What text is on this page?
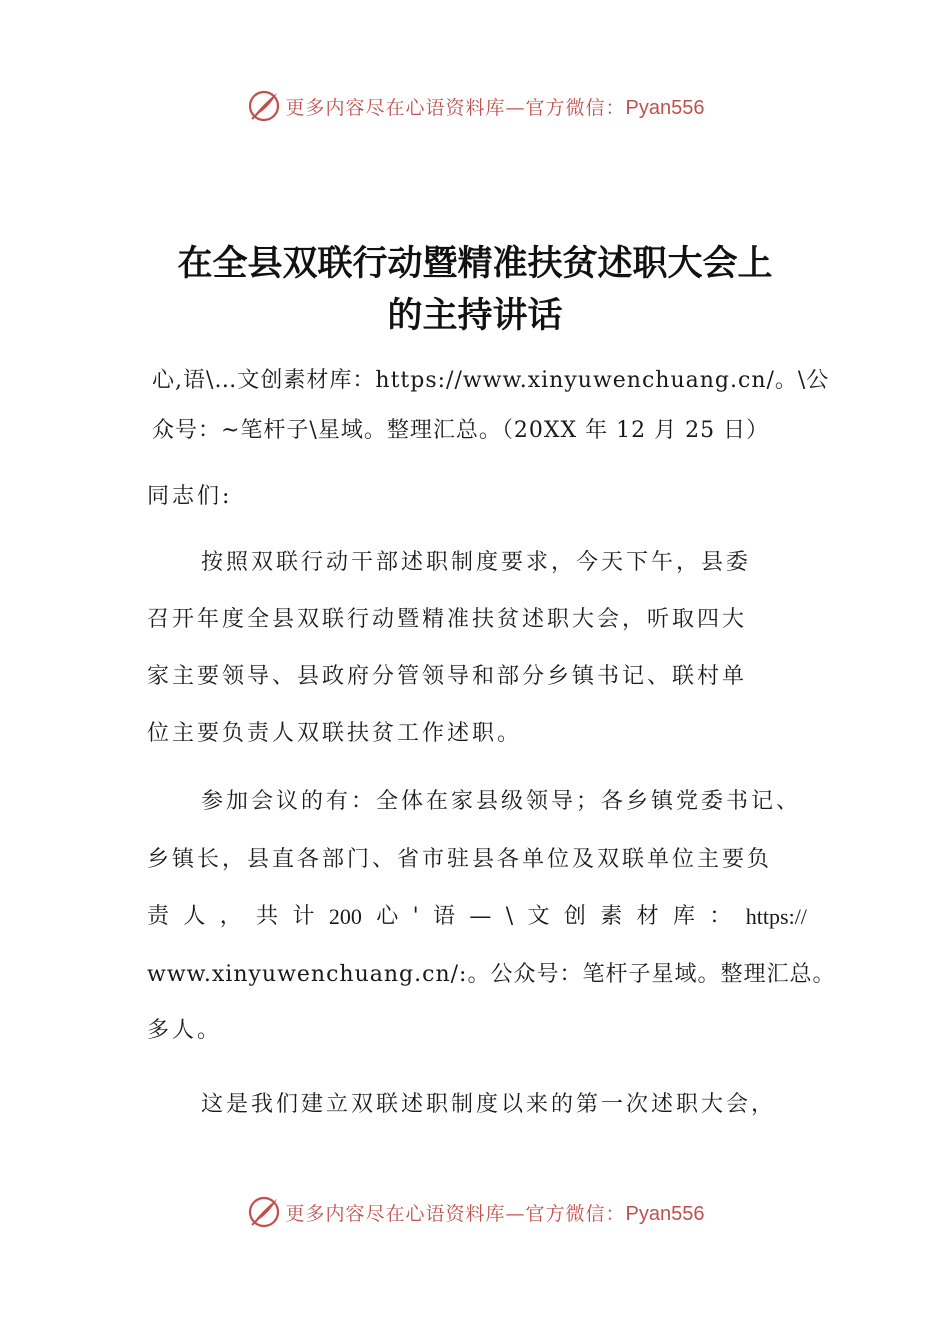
更多内容尽在心语资料库—官方微信：Pyan556
在全县双联行动暨精准扶贫述职大会上
的主持讲话
心,语\…文创素材库：https://www.xinyuwenchuang.cn/。\公
众号：~笔杆子\星域。整理汇总。（20XX 年 12 月 25 日）
同志们:
按照双联行动干部述职制度要求，今天下午，县委
召开年度全县双联行动暨精准扶贫述职大会，听取四大
家主要领导、县政府分管领导和部分乡镇书记、联村单
位主要负责人双联扶贫工作述职。
参加会议的有：全体在家县级领导；各乡镇党委书记、
乡镇长，县直各部门、省市驻县各单位及双联单位主要负
责 人 ， 共 计 200 心 ' 语 — \ 文 创 素 材 库 ： https://
www.xinyuwenchuang.cn/:。公众号：笔杆子星域。整理汇总。
多人。
这是我们建立双联述职制度以来的第一次述职大会，
更多内容尽在心语资料库—官方微信：Pyan556
